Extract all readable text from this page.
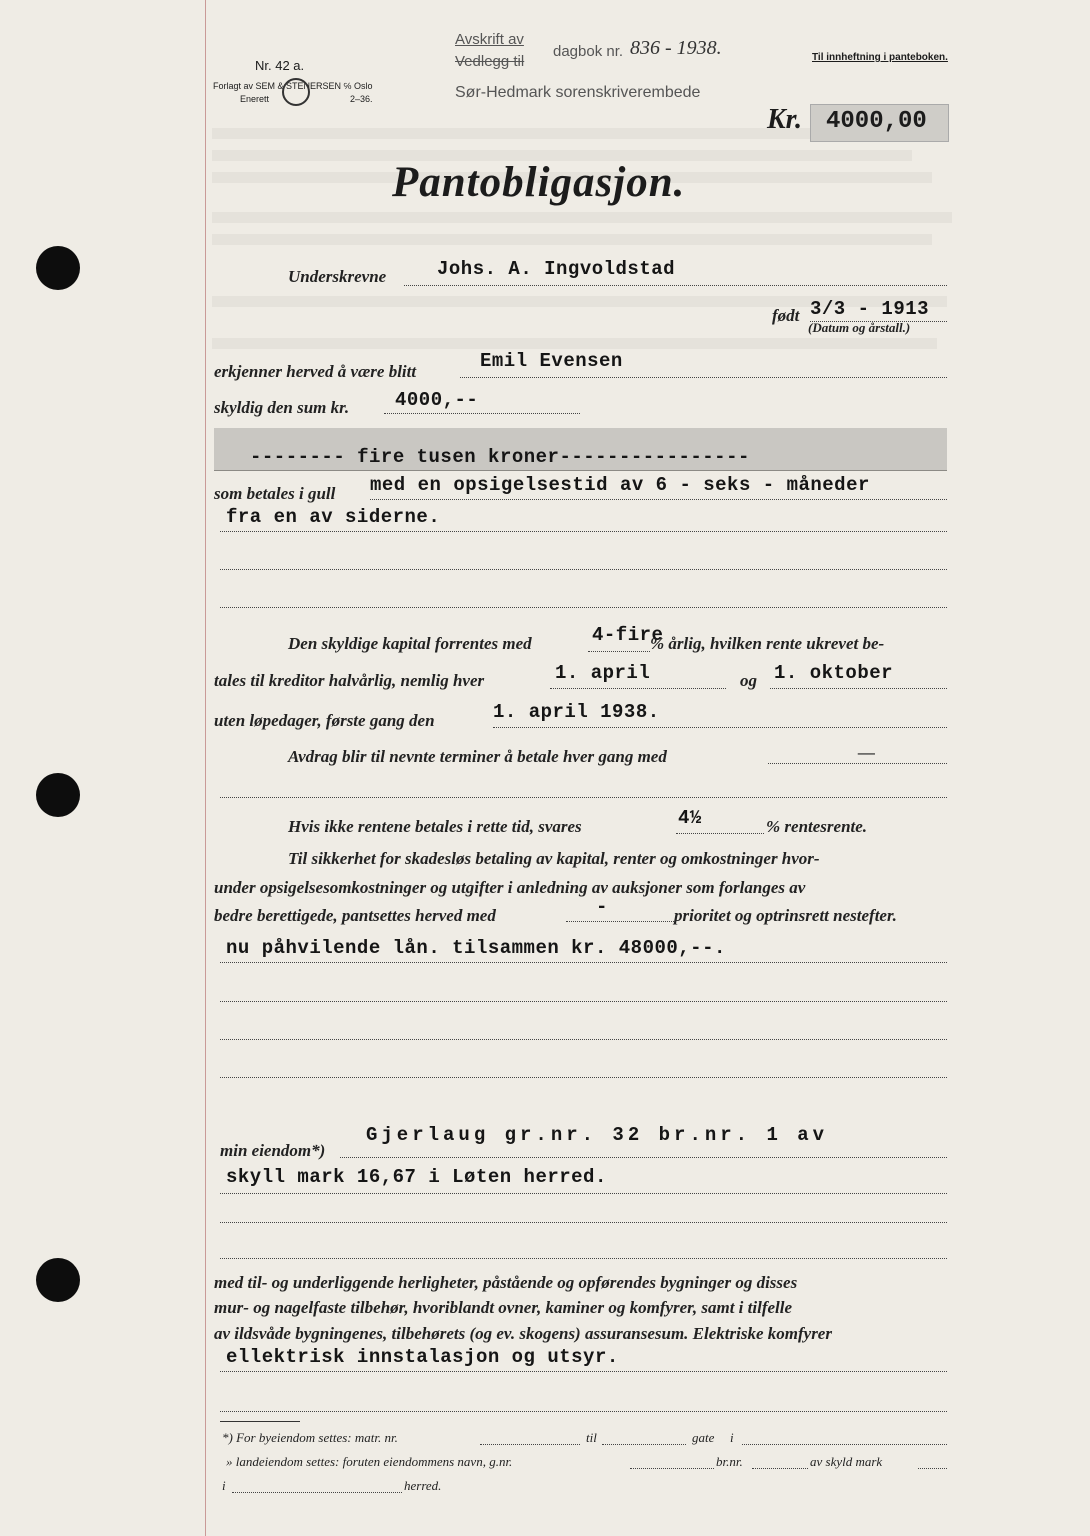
Nr. 42 a.
Forlagt av SEM & STENERSEN ℅ Oslo
Enerett	2–36.
Avskrift av
Vedlegg til
dagbok nr. 836 - 1938.
Sør-Hedmark sorenskriverembede
Til innheftning i panteboken.
Kr. 4000,00
Pantobligasjon.
Underskrevne	Johs. A. Ingvoldstad
født 3/3 - 1913
(Datum og årstall.)
erkjenner herved å være blitt	Emil Evensen
skyldig den sum kr. 4000,--
-------- fire tusen kroner----------------
som betales i gull med en opsigelsestid av 6 - seks - måneder
fra en av siderne.
Den skyldige kapital forrentes med	4-fire
% årlig, hvilken rente ukrevet be-
tales til kreditor halvårlig, nemlig hver	1. april	og 1. oktober
uten løpedager, første gang den	1. april 1938.
Avdrag blir til nevnte terminer å betale hver gang med	—
Hvis ikke rentene betales i rette tid, svares	4½	% rentesrente.
Til sikkerhet for skadesløs betaling av kapital, renter og omkostninger hvor-
under opsigelsesomkostninger og utgifter i anledning av auksjoner som forlanges av
bedre berettigede, pantsettes herved med	-	prioritet og optrinsrett nestefter.
nu påhvilende lån. tilsammen kr. 48000,--.
min eiendom*)
Gjerlaug gr.nr. 32 br.nr. 1 av
skyll mark 16,67 i Løten herred.
med til- og underliggende herligheter, påstående og opførendes bygninger og disses
mur- og nagelfaste tilbehør, hvoriblandt ovner, kaminer og komfyrer, samt i tilfelle
av ildsvåde bygningenes, tilbehørets (og ev. skogens) assuransesum. Elektriske komfyrer
ellektrisk innstalasjon og utsyr.
*) For byeiendom settes: matr. nr.	til	gate i
» landeiendom settes: foruten eiendommens navn, g.nr.	br.nr.	av skyld mark
i	herred.
